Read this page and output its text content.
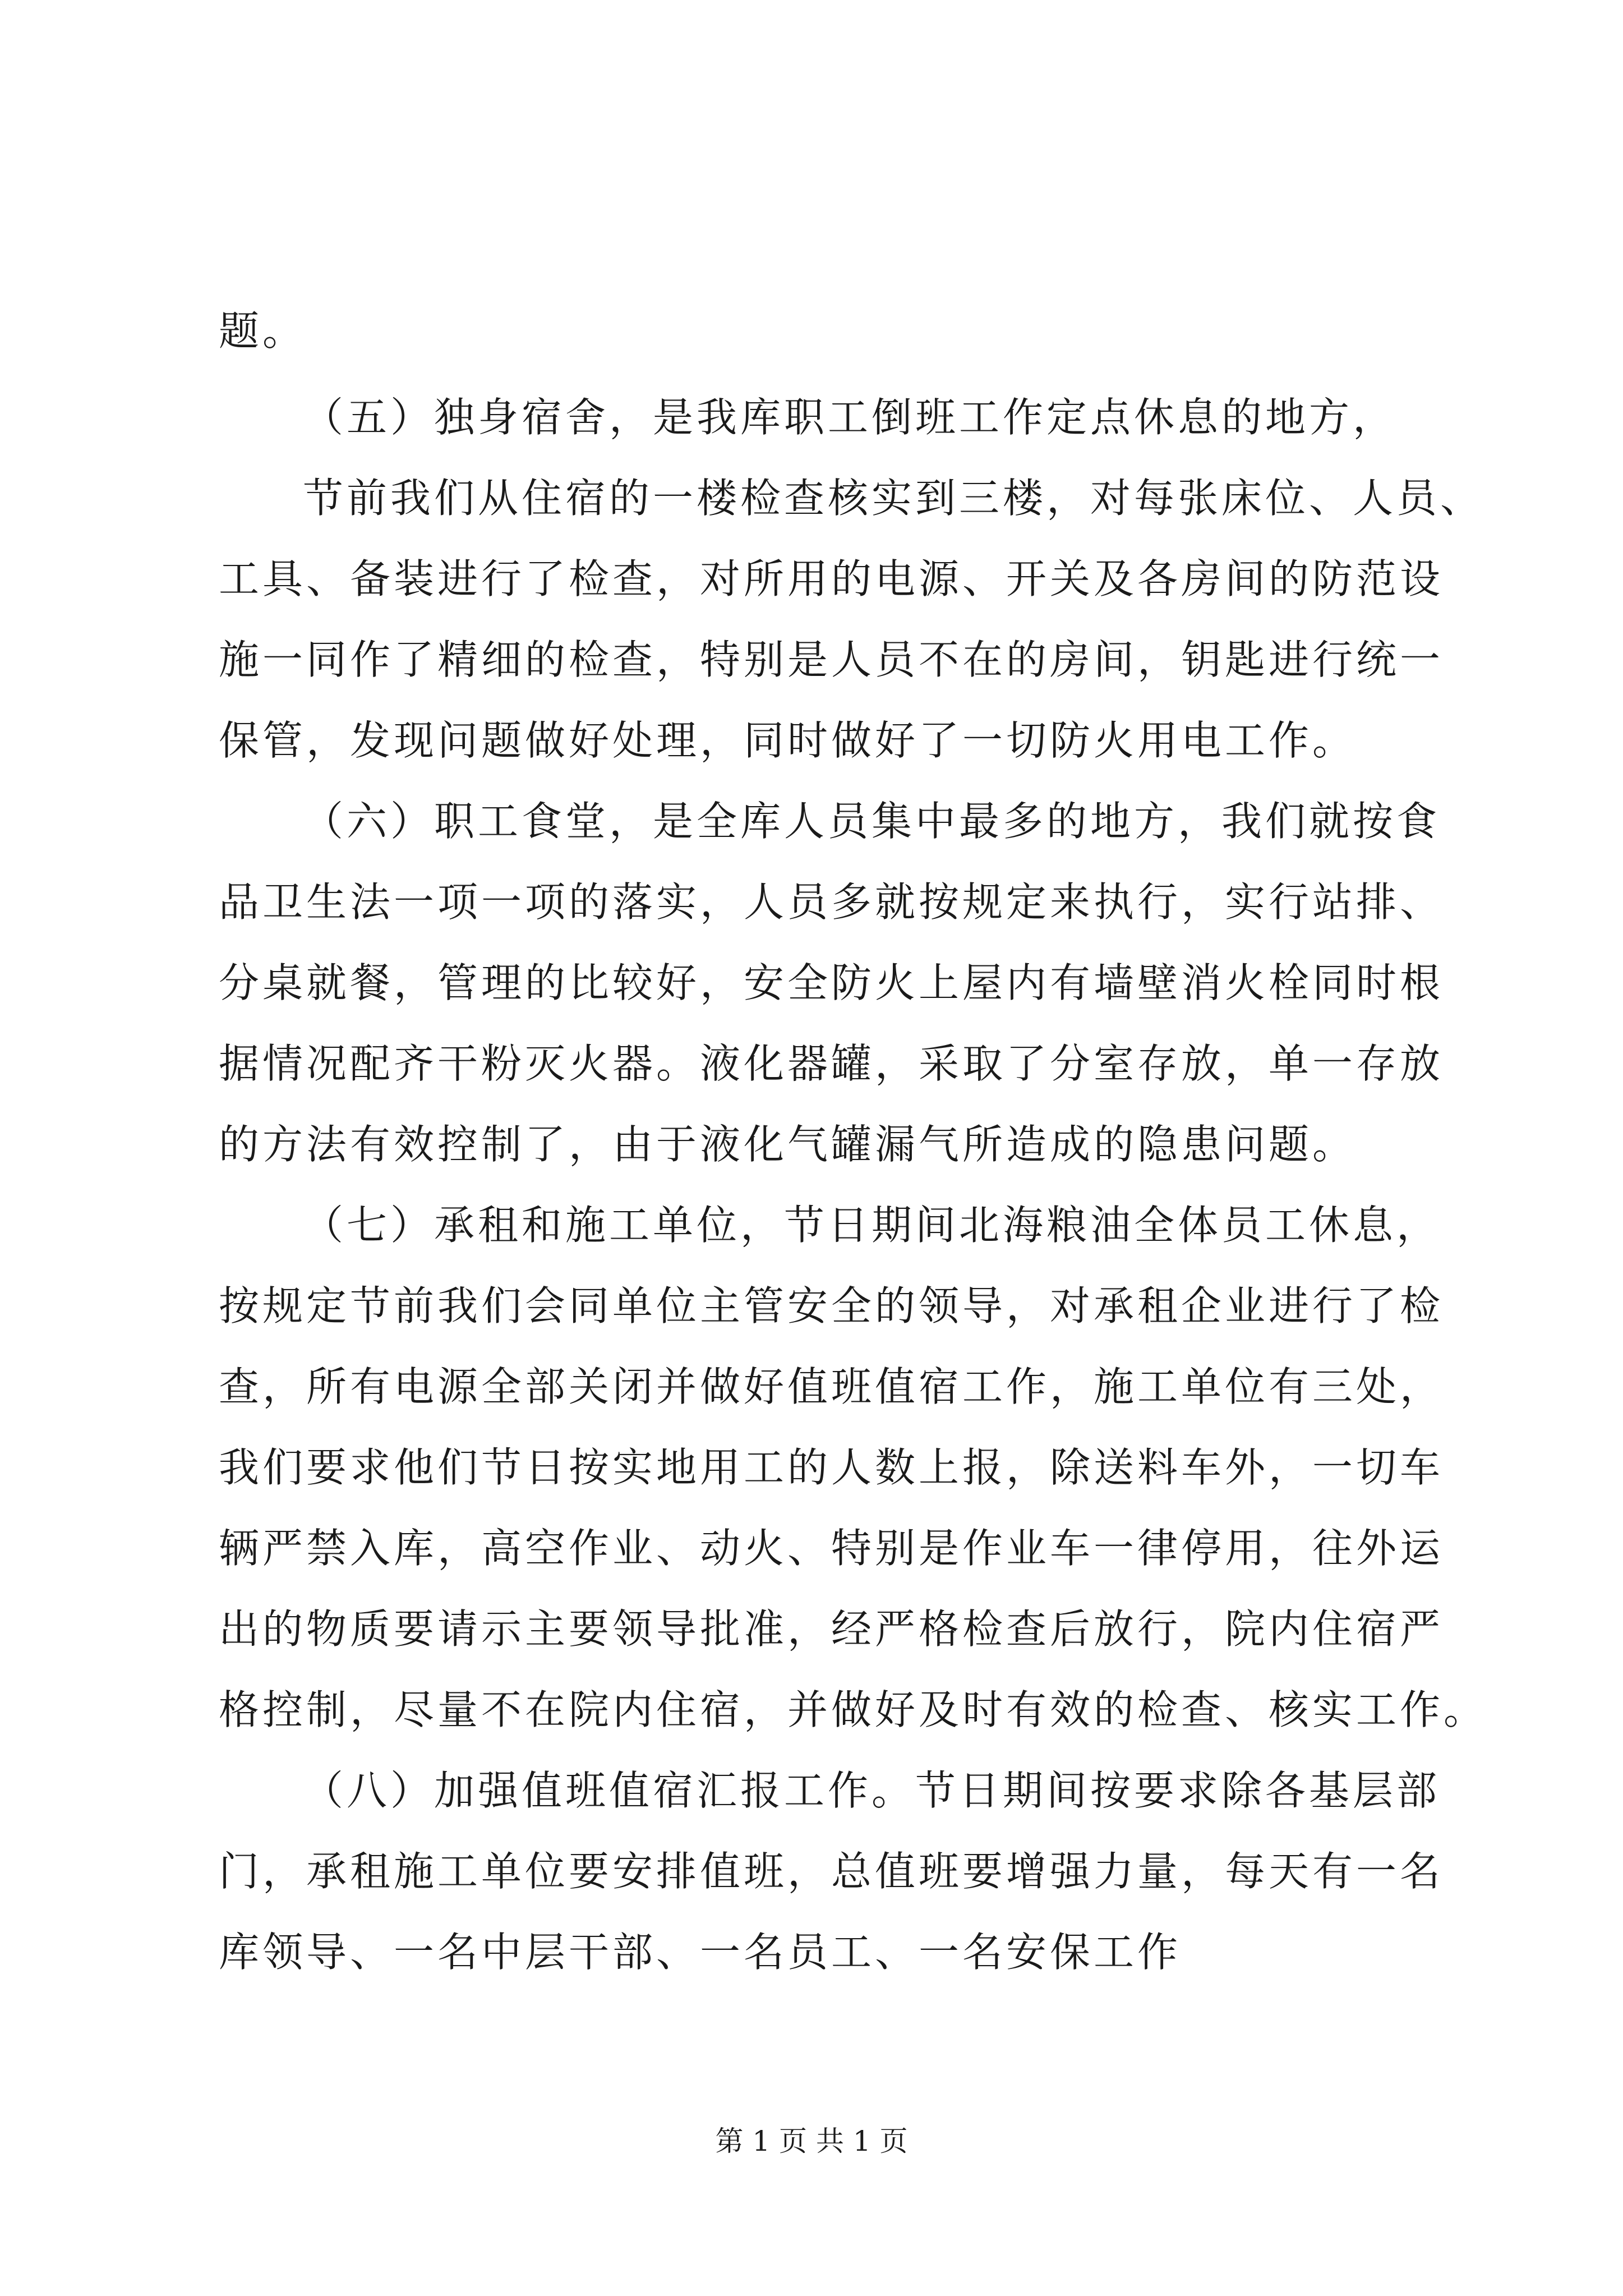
题。

（五）独身宿舍，是我库职工倒班工作定点休息的地方，

节前我们从住宿的一楼检查核实到三楼，对每张床位、人员、

工具、备装进行了检查，对所用的电源、开关及各房间的防范设

施一同作了精细的检查，特别是人员不在的房间，钥匙进行统一

保管，发现问题做好处理，同时做好了一切防火用电工作。

（六）职工食堂，是全库人员集中最多的地方，我们就按食

品卫生法一项一项的落实，人员多就按规定来执行，实行站排、

分桌就餐，管理的比较好，安全防火上屋内有墙壁消火栓同时根

据情况配齐干粉灭火器。液化器罐，采取了分室存放，单一存放

的方法有效控制了，由于液化气罐漏气所造成的隐患问题。

（七）承租和施工单位，节日期间北海粮油全体员工休息，

按规定节前我们会同单位主管安全的领导，对承租企业进行了检

查，所有电源全部关闭并做好值班值宿工作，施工单位有三处，

我们要求他们节日按实地用工的人数上报，除送料车外，一切车

辆严禁入库，高空作业、动火、特别是作业车一律停用，往外运

出的物质要请示主要领导批准，经严格检查后放行，院内住宿严

格控制，尽量不在院内住宿，并做好及时有效的检查、核实工作。

（八）加强值班值宿汇报工作。节日期间按要求除各基层部

门，承租施工单位要安排值班，总值班要增强力量，每天有一名

库领导、一名中层干部、一名员工、一名安保工作

第 1 页 共 1 页
